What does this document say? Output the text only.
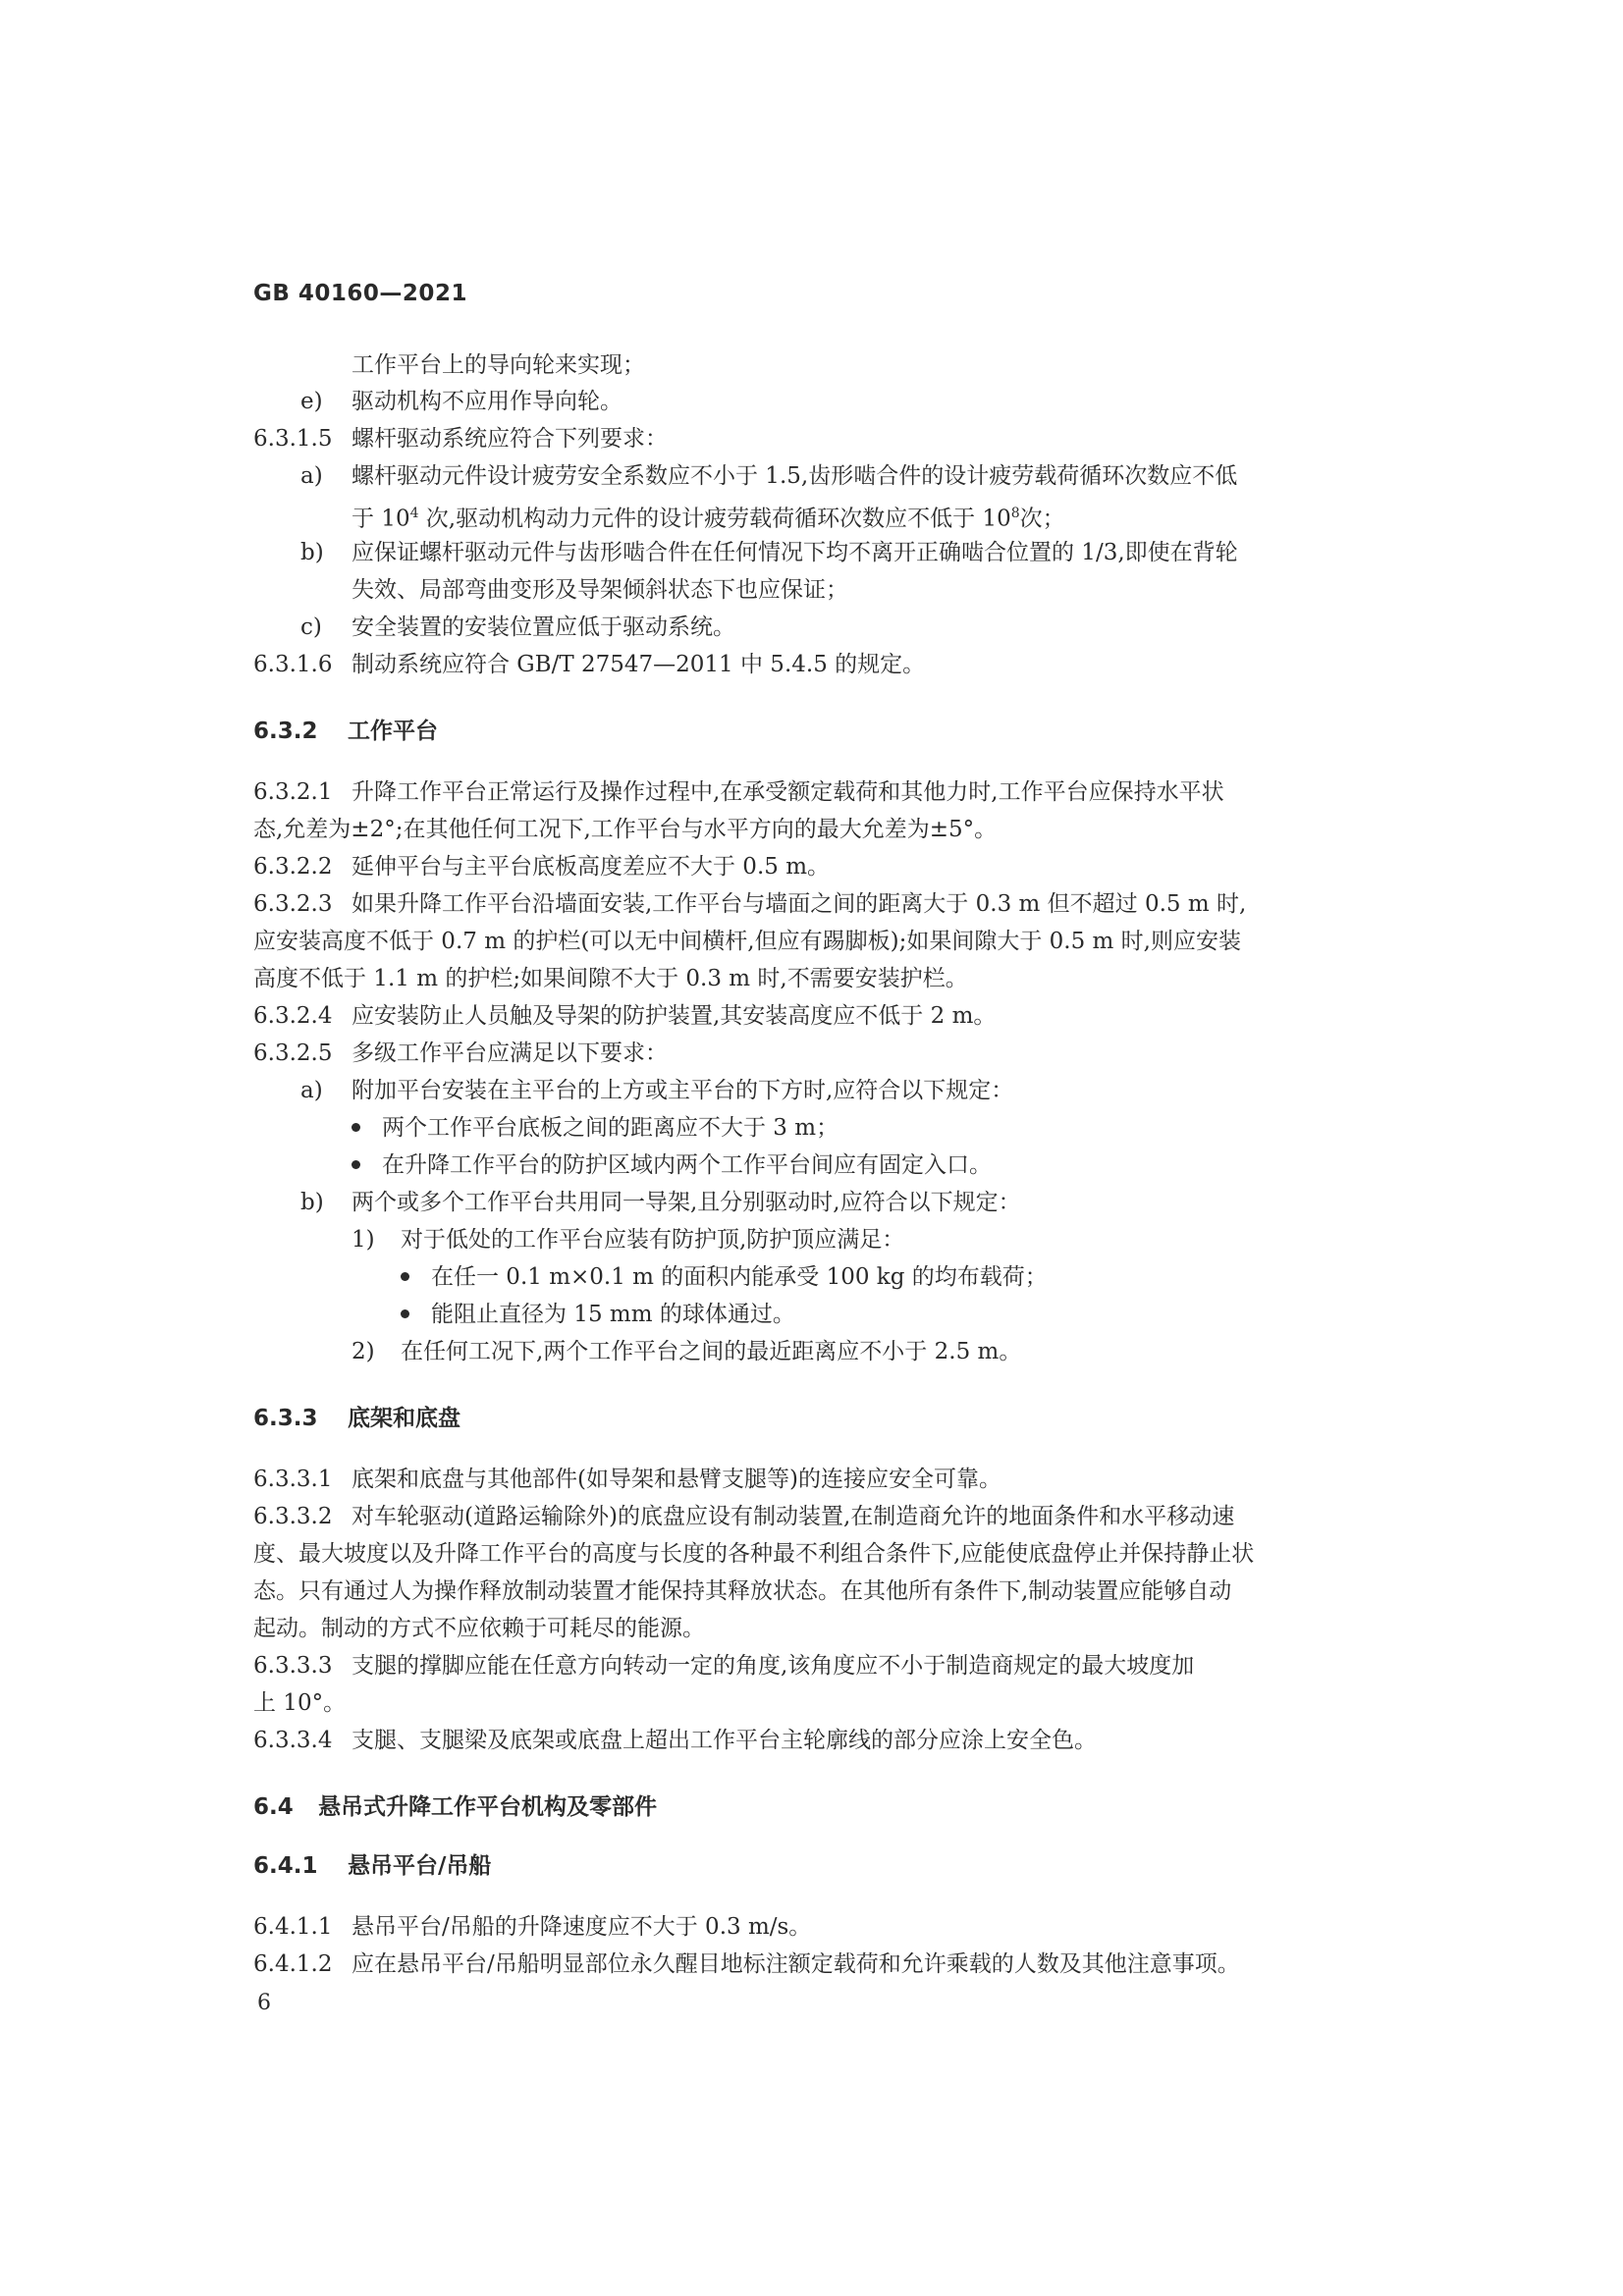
GB 40160—2021
工作平台上的导向轮来实现；
e) 驱动机构不应用作导向轮。
6.3.1.5 螺杆驱动系统应符合下列要求：
a) 螺杆驱动元件设计疲劳安全系数应不小于 1.5,齿形啮合件的设计疲劳载荷循环次数应不低
于 $10^4$ 次,驱动机构动力元件的设计疲劳载荷循环次数应不低于 $10^8$次；
b) 应保证螺杆驱动元件与齿形啮合件在任何情况下均不离开正确啮合位置的 1/3,即使在背轮
失效、局部弯曲变形及导架倾斜状态下也应保证；
c) 安全装置的安装位置应低于驱动系统。
6.3.1.6 制动系统应符合 GB/T 27547—2011 中 5.4.5 的规定。
6.3.2 工作平台
6.3.2.1 升降工作平台正常运行及操作过程中,在承受额定载荷和其他力时,工作平台应保持水平状
态,允差为±2°;在其他任何工况下,工作平台与水平方向的最大允差为±5°。
6.3.2.2 延伸平台与主平台底板高度差应不大于 0.5 m。
6.3.2.3 如果升降工作平台沿墙面安装,工作平台与墙面之间的距离大于 0.3 m 但不超过 0.5 m 时,
应安装高度不低于 0.7 m 的护栏(可以无中间横杆,但应有踢脚板);如果间隙大于 0.5 m 时,则应安装
高度不低于 1.1 m 的护栏;如果间隙不大于 0.3 m 时,不需要安装护栏。
6.3.2.4 应安装防止人员触及导架的防护装置,其安装高度应不低于 2 m。
6.3.2.5 多级工作平台应满足以下要求：
a) 附加平台安装在主平台的上方或主平台的下方时,应符合以下规定：
两个工作平台底板之间的距离应不大于 3 m；
在升降工作平台的防护区域内两个工作平台间应有固定入口。
b) 两个或多个工作平台共用同一导架,且分别驱动时,应符合以下规定：
1) 对于低处的工作平台应装有防护顶,防护顶应满足：
在任一 0.1 m×0.1 m 的面积内能承受 100 kg 的均布载荷；
能阻止直径为 15 mm 的球体通过。
2) 在任何工况下,两个工作平台之间的最近距离应不小于 2.5 m。
6.3.3 底架和底盘
6.3.3.1 底架和底盘与其他部件(如导架和悬臂支腿等)的连接应安全可靠。
6.3.3.2 对车轮驱动(道路运输除外)的底盘应设有制动装置,在制造商允许的地面条件和水平移动速
度、最大坡度以及升降工作平台的高度与长度的各种最不利组合条件下,应能使底盘停止并保持静止状
态。只有通过人为操作释放制动装置才能保持其释放状态。在其他所有条件下,制动装置应能够自动
起动。制动的方式不应依赖于可耗尽的能源。
6.3.3.3 支腿的撑脚应能在任意方向转动一定的角度,该角度应不小于制造商规定的最大坡度加
上 10°。
6.3.3.4 支腿、支腿梁及底架或底盘上超出工作平台主轮廓线的部分应涂上安全色。
6.4 悬吊式升降工作平台机构及零部件
6.4.1 悬吊平台/吊船
6.4.1.1 悬吊平台/吊船的升降速度应不大于 0.3 m/s。
6.4.1.2 应在悬吊平台/吊船明显部位永久醒目地标注额定载荷和允许乘载的人数及其他注意事项。
6
